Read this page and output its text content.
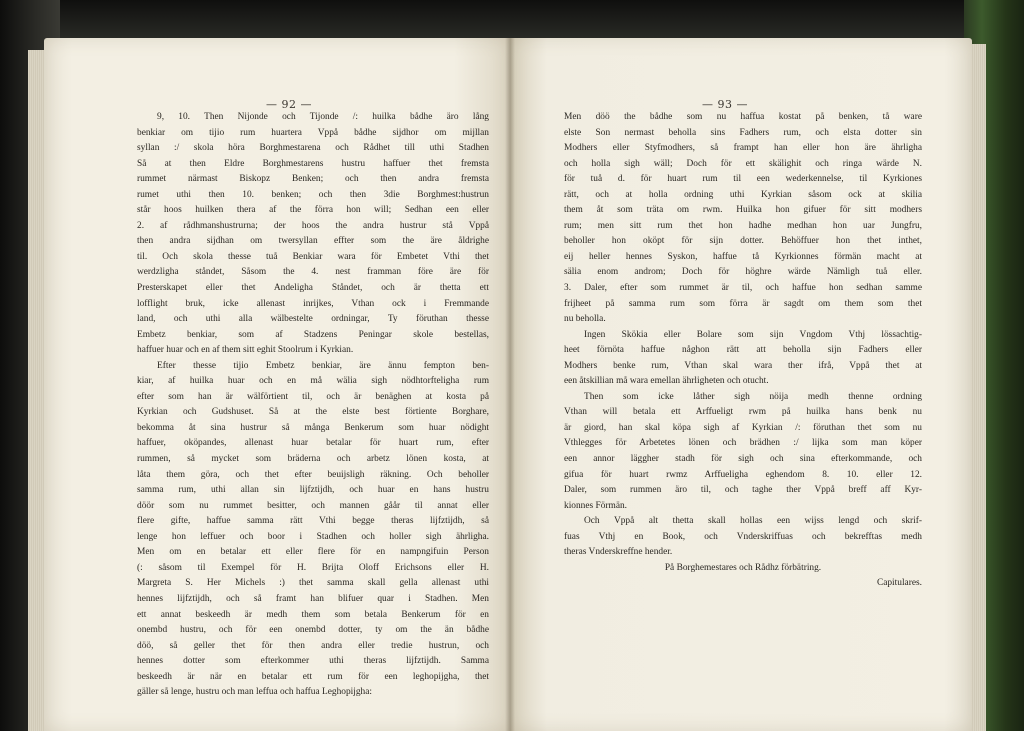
— 92 —
9, 10. Then Nijonde och Tijonde /: huilka bådhe äro lång
benkiar om tijio rum huartera Vppå bådhe sijdhor om mijllan
syllan :/ skola höra Borghmestarena och Rådhet till uthi Stadhen
Så at then Eldre Borghmestarens hustru haffuer thet fremsta
rummet närmast Biskopz Benken; och then andra fremsta
rumet uthi then 10. benken; och then 3die Borghmest:hustrun
står hoos huilken thera af the förra hon will; Sedhan een eller
2. af rådhmanshustrurna; der hoos the andra hustrur stå Vppå
then andra sijdhan om twersyllan effter som the äre åldrighe
til. Och skola thesse tuå Benkiar wara för Embetet Vthi thet
werdzligha ståndet, Såsom the 4. nest framman före äre för
Presterskapet eller thet Andeligha Ståndet, och är thetta ett
lofflight bruk, icke allenast inrijkes, Vthan ock i Fremmande
land, och uthi alla wälbestelte ordningar, Ty föruthan thesse
Embetz benkiar, som af Stadzens Peningar skole bestellas,
haffuer huar och en af them sitt eghit Stoolrum i Kyrkian.
Efter thesse tijio Embetz benkiar, äre ännu fempton ben-
kiar, af huilka huar och en må wälia sigh nödhtorfteligha rum
efter som han är wälförtient til, och är benäghen at kosta på
Kyrkian och Gudshuset. Så at the elste best förtiente Borghare,
bekomma åt sina hustrur så många Benkerum som huar nödight
haffuer, oköpandes, allenast huar betalar för huart rum, efter
rummen, så mycket som bräderna och arbetz lönen kosta, at
låta them göra, och thet efter beuijsligh räkning. Och beholler
samma rum, uthi allan sin lijfztijdh, och huar en hans hustru
döör som nu rummet besitter, och mannen gåår til annat eller
flere gifte, haffue samma rätt Vthi begge theras lijfztijdh, så
lenge hon leffuer och boor i Stadhen och holler sigh ährligha.
Men om en betalar ett eller flere för en nampngifuin Person
(: såsom til Exempel för H. Brijta Oloff Erichsons eller H.
Margreta S. Her Michels :) thet samma skall gella allenast uthi
hennes lijfztijdh, och så framt han blifuer quar i Stadhen. Men
ett annat beskeedh är medh them som betala Benkerum för en
onembd hustru, och för een onembd dotter, ty om the än bådhe
döö, så geller thet för then andra eller tredie hustrun, och
hennes dotter som efterkommer uthi theras lijfztijdh. Samma
beskeedh är när en betalar ett rum för een leghopijgha, thet
gäller så lenge, hustru och man leffua och haffua Leghopijgha:
— 93 —
Men döö the bådhe som nu haffua kostat på benken, tå ware
elste Son nermast beholla sins Fadhers rum, och elsta dotter sin
Modhers eller Styfmodhers, så frampt han eller hon äre ährligha
och holla sigh wäll; Doch för ett skälighit och ringa wärde N.
för tuå d. för huart rum til een wederkennelse, til Kyrkiones
rätt, och at holla ordning uthi Kyrkian såsom ock at skilia
them åt som träta om rwm. Huilka hon gifuer för sitt modhers
rum; men sitt rum thet hon hadhe medhan hon uar Jungfru,
beholler hon oköpt för sijn dotter. Behöffuer hon thet inthet,
eij heller hennes Syskon, haffue tå Kyrkionnes förmän macht at
sälia enom androm; Doch för höghre wärde Nämligh tuå eller.
3. Daler, efter som rummet är til, och haffue hon sedhan samme
frijheet på samma rum som förra är sagdt om them som thet
nu beholla.
Ingen Skökia eller Bolare som sijn Vngdom Vthj lössachtig-
heet förnöta haffue någhon rätt att beholla sijn Fadhers eller
Modhers benke rum, Vthan skal wara ther ifrå, Vppå thet at
een åtskillian må wara emellan ährligheten och otucht.
Then som icke låther sigh nöija medh thenne ordning
Vthan will betala ett Arffueligt rwm på huilka hans benk nu
är giord, han skal köpa sigh af Kyrkian /: föruthan thet som nu
Vthlegges för Arbetetes lönen och brädhen :/ lijka som man köper
een annor läggher stadh för sigh och sina efterkommande, och
gifua för huart rwmz Arffueligha eghendom 8. 10. eller 12.
Daler, som rummen äro til, och taghe ther Vppå breff aff Kyr-
kionnes Förmän.
Och Vppå alt thetta skall hollas een wijss lengd och skrif-
fuas Vthj en Book, och Vnderskriffuas och bekrefftas medh
theras Vnderskreffne hender.
På Borghemestares och Rådhz förbätring.
Capitulares.
